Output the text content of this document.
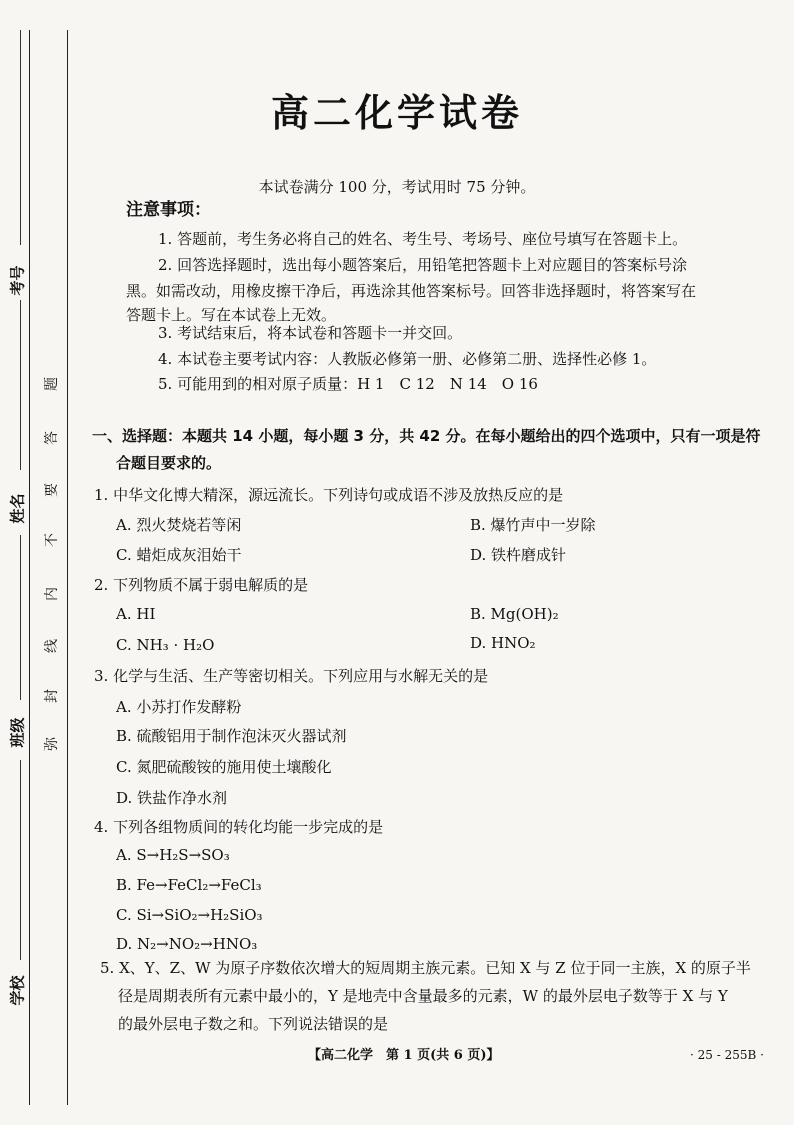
考号
姓名
班级
学校
弥
封
线
内
不
要
答
题
高二化学试卷
本试卷满分 100 分，考试用时 75 分钟。
注意事项：
1. 答题前，考生务必将自己的姓名、考生号、考场号、座位号填写在答题卡上。
2. 回答选择题时，选出每小题答案后，用铅笔把答题卡上对应题目的答案标号涂
黑。如需改动，用橡皮擦干净后，再选涂其他答案标号。回答非选择题时，将答案写在
答题卡上。写在本试卷上无效。
3. 考试结束后，将本试卷和答题卡一并交回。
4. 本试卷主要考试内容：人教版必修第一册、必修第二册、选择性必修 1。
5. 可能用到的相对原子质量：H 1　C 12　N 14　O 16
一、选择题：本题共 14 小题，每小题 3 分，共 42 分。在每小题给出的四个选项中，只有一项是符
合题目要求的。
1. 中华文化博大精深，源远流长。下列诗句或成语不涉及放热反应的是
A. 烈火焚烧若等闲	B. 爆竹声中一岁除
C. 蜡炬成灰泪始干	D. 铁杵磨成针
2. 下列物质不属于弱电解质的是
A. HI	B. Mg(OH)₂
C. NH₃ · H₂O	D. HNO₂
3. 化学与生活、生产等密切相关。下列应用与水解无关的是
A. 小苏打作发酵粉
B. 硫酸铝用于制作泡沫灭火器试剂
C. 氮肥硫酸铵的施用使土壤酸化
D. 铁盐作净水剂
4. 下列各组物质间的转化均能一步完成的是
A. S→H₂S→SO₃
B. Fe→FeCl₂→FeCl₃
C. Si→SiO₂→H₂SiO₃
D. N₂→NO₂→HNO₃
5. X、Y、Z、W 为原子序数依次增大的短周期主族元素。已知 X 与 Z 位于同一主族，X 的原子半
径是周期表所有元素中最小的，Y 是地壳中含量最多的元素，W 的最外层电子数等于 X 与 Y
的最外层电子数之和。下列说法错误的是
【高二化学　第 1 页(共 6 页)】	· 25 - 255B ·
